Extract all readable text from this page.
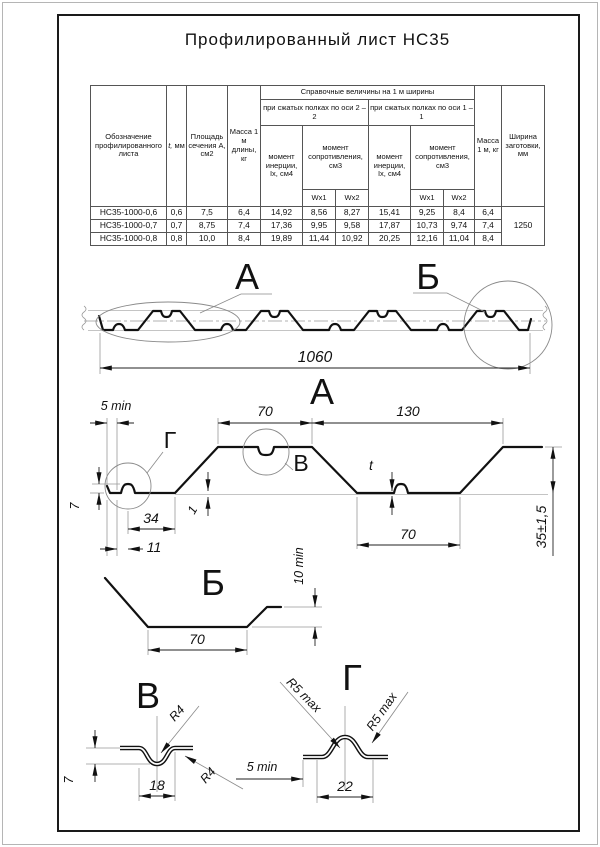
Профилированный лист НС35
Обозначение профилированного листа	t, мм	Площадь сечения А, см2	Масса 1 м длины, кг	Справочные величины на 1 м ширины						Масса 1 м, кг	Ширина заготовки, мм
				при сжатых полках по оси 2 – 2			при сжатых полках по оси 1 – 1				
				момент инерции, Ix, см4	момент сопротивления, см3		момент инерции, Ix, см4	момент сопротивления, см3			
					Wx1	Wx2		Wx1	Wx2		
НС35-1000-0,6	0,6	7,5	6,4	14,92	8,56	8,27	15,41	9,25	8,4	6,4	1250
НС35-1000-0,7	0,7	8,75	7,4	17,36	9,95	9,58	17,87	10,73	9,74	7,4	
НС35-1000-0,8	0,8	10,0	8,4	19,89	11,44	10,92	20,25	12,16	11,04	8,4	
А	Б
1060
А
5 min
Г
70	130
В	t
1
7
34
11
70	35±1,5
Б
70
10 min
В R4
R4
7	18
Г
R5 max	R5 max
5 min
22
